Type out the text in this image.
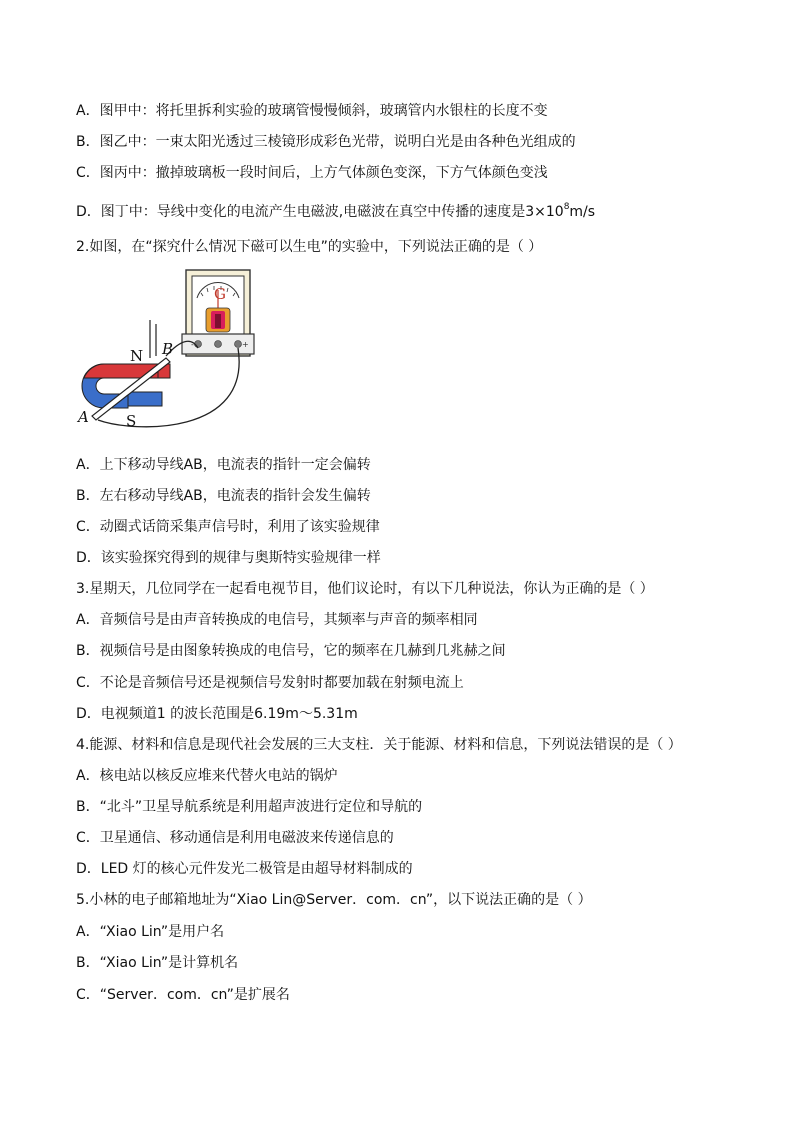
A．图甲中：将托里拆利实验的玻璃管慢慢倾斜，玻璃管内水银柱的长度不变
B．图乙中：一束太阳光透过三棱镜形成彩色光带，说明白光是由各种色光组成的
C．图丙中：撤掉玻璃板一段时间后，上方气体颜色变深，下方气体颜色变浅
D．图丁中：导线中变化的电流产生电磁波,电磁波在真空中传播的速度是$3\times 10^8m/s$
2.如图，在“探究什么情况下磁可以生电”的实验中，下列说法正确的是（ ）
G
-	+
N
S
A
B
A．上下移动导线AB，电流表的指针一定会偏转
B．左右移动导线AB，电流表的指针会发生偏转
C．动圈式话筒采集声信号时，利用了该实验规律
D．该实验探究得到的规律与奥斯特实验规律一样
3.星期天，几位同学在一起看电视节目，他们议论时，有以下几种说法，你认为正确的是（ ）
A．音频信号是由声音转换成的电信号，其频率与声音的频率相同
B．视频信号是由图象转换成的电信号，它的频率在几赫到几兆赫之间
C．不论是音频信号还是视频信号发射时都要加载在射频电流上
D．电视频道1 的波长范围是6.19m～5.31m
4.能源、材料和信息是现代社会发展的三大支柱．关于能源、材料和信息，下列说法错误的是（ ）
A．核电站以核反应堆来代替火电站的锅炉
B．“北斗”卫星导航系统是利用超声波进行定位和导航的
C．卫星通信、移动通信是利用电磁波来传递信息的
D．LED 灯的核心元件发光二极管是由超导材料制成的
5.小林的电子邮箱地址为“Xiao Lin@Server．com．cn”，以下说法正确的是（ ）
A．“Xiao Lin”是用户名
B．“Xiao Lin”是计算机名
C．“Server．com．cn”是扩展名
